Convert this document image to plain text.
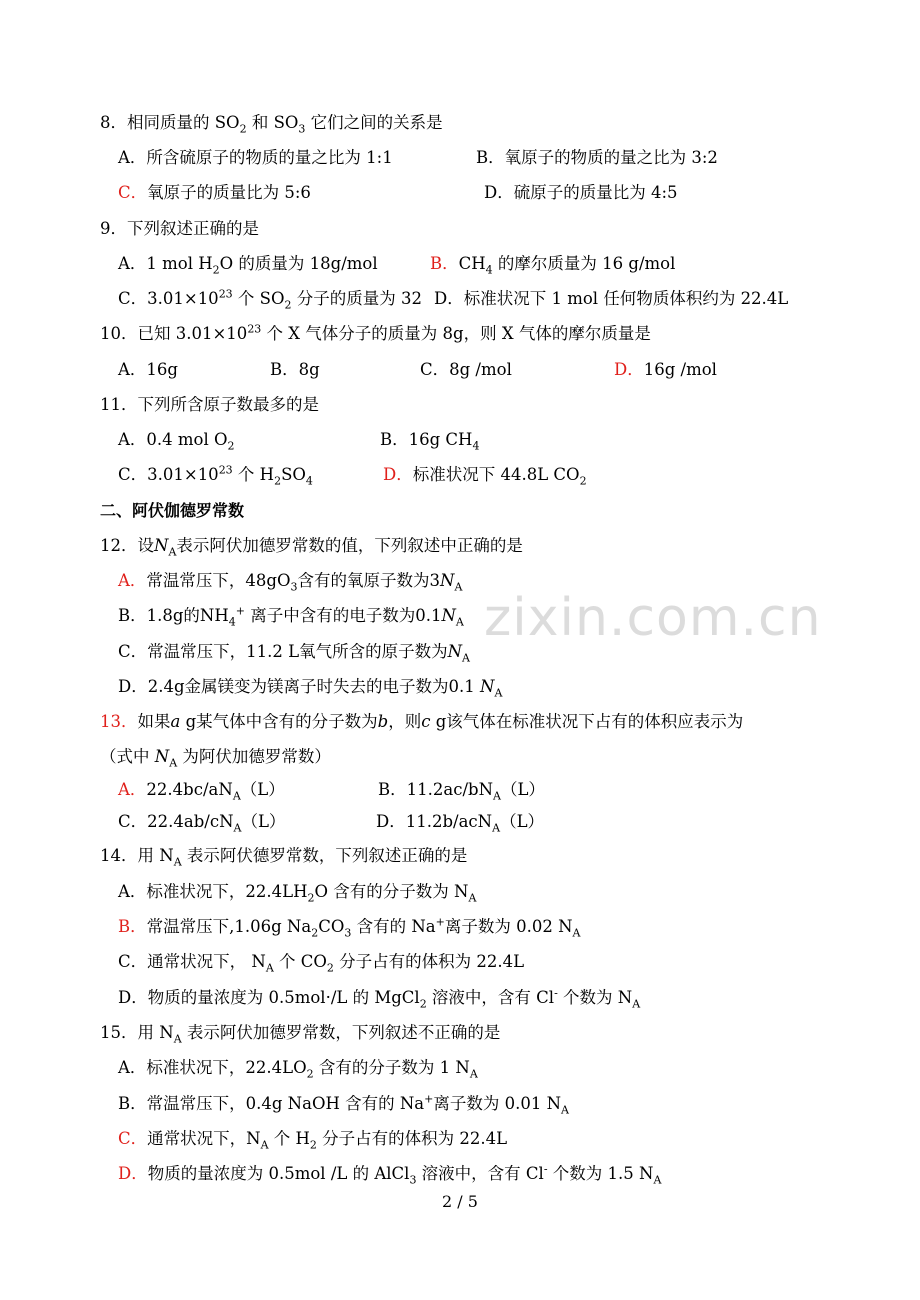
zixin.com.cn
8．相同质量的 $SO_2$ 和 $SO_3$ 它们之间的关系是
A．所含硫原子的物质的量之比为 1:1	B．氧原子的物质的量之比为 3:2
C．氧原子的质量比为 5:6	D．硫原子的质量比为 4:5
9．下列叙述正确的是
A．1 mol $H_2O$ 的质量为 18g/mol	B．$CH_4$ 的摩尔质量为 16 g/mol
C．$3.01\times 10^{23}$ 个 $SO_2$ 分子的质量为 32 D．标准状况下 1 mol 任何物质体积约为 22.4L
10．已知 $3.01\times 10^{23}$ 个 X 气体分子的质量为 8g，则 X 气体的摩尔质量是
A．16g	B．8g	C．8g /mol	D．16g /mol
11．下列所含原子数最多的是
A．0.4 mol $O_2$	B．16g $CH_4$
C．$3.01\times 10^{23}$ 个 $H_2SO_4$	D．标准状况下 44.8L $CO_2$
二、阿伏伽德罗常数
12．设$N_A$表示阿伏加德罗常数的值，下列叙述中正确的是
A．常温常压下，$48gO_3$含有的氧原子数为$3N_A$
B．1.8g的$NH_4^+$ 离子中含有的电子数为$0.1N_A$
C．常温常压下，11.2 L氧气所含的原子数为$N_A$
D．2.4g金属镁变为镁离子时失去的电子数为0.1 $N_A$
13．如果a g某气体中含有的分子数为b，则c g该气体在标准状况下占有的体积应表示为
（式中 $N_A$ 为阿伏加德罗常数）
A．$22.4bc/aN_A(L)$	B．$11.2ac/bN_A(L)$
C．$22.4ab/cN_A(L)$	D．11.2b/acN$_A$（L）
14．用 $N_A$ 表示阿伏德罗常数，下列叙述正确的是
A．标准状况下，$22.4LH_2O$ 含有的分子数为 $N_A$
B．常温常压下,1.06g $Na_2CO_3$ 含有的 Na+离子数为 0.02 $N_A$
C．通常状况下， $N_A$ 个 $CO_2$ 分子占有的体积为 22.4L
D．物质的量浓度为 0.5mol·/L 的 MgCl$_2$ 溶液中，含有 Cl- 个数为 $N_A$
15．用 $N_A$ 表示阿伏加德罗常数，下列叙述不正确的是
A．标准状况下，$22.4LO_2$ 含有的分子数为 1 $N_A$
B．常温常压下，0.4g NaOH 含有的 Na+离子数为 0.01 $N_A$
C．通常状况下，$N_A$ 个 $H_2$ 分子占有的体积为 22.4L
D．物质的量浓度为 0.5mol /L 的 AlCl$_3$ 溶液中，含有 Cl- 个数为 1.5 $N_A$
2 / 5
